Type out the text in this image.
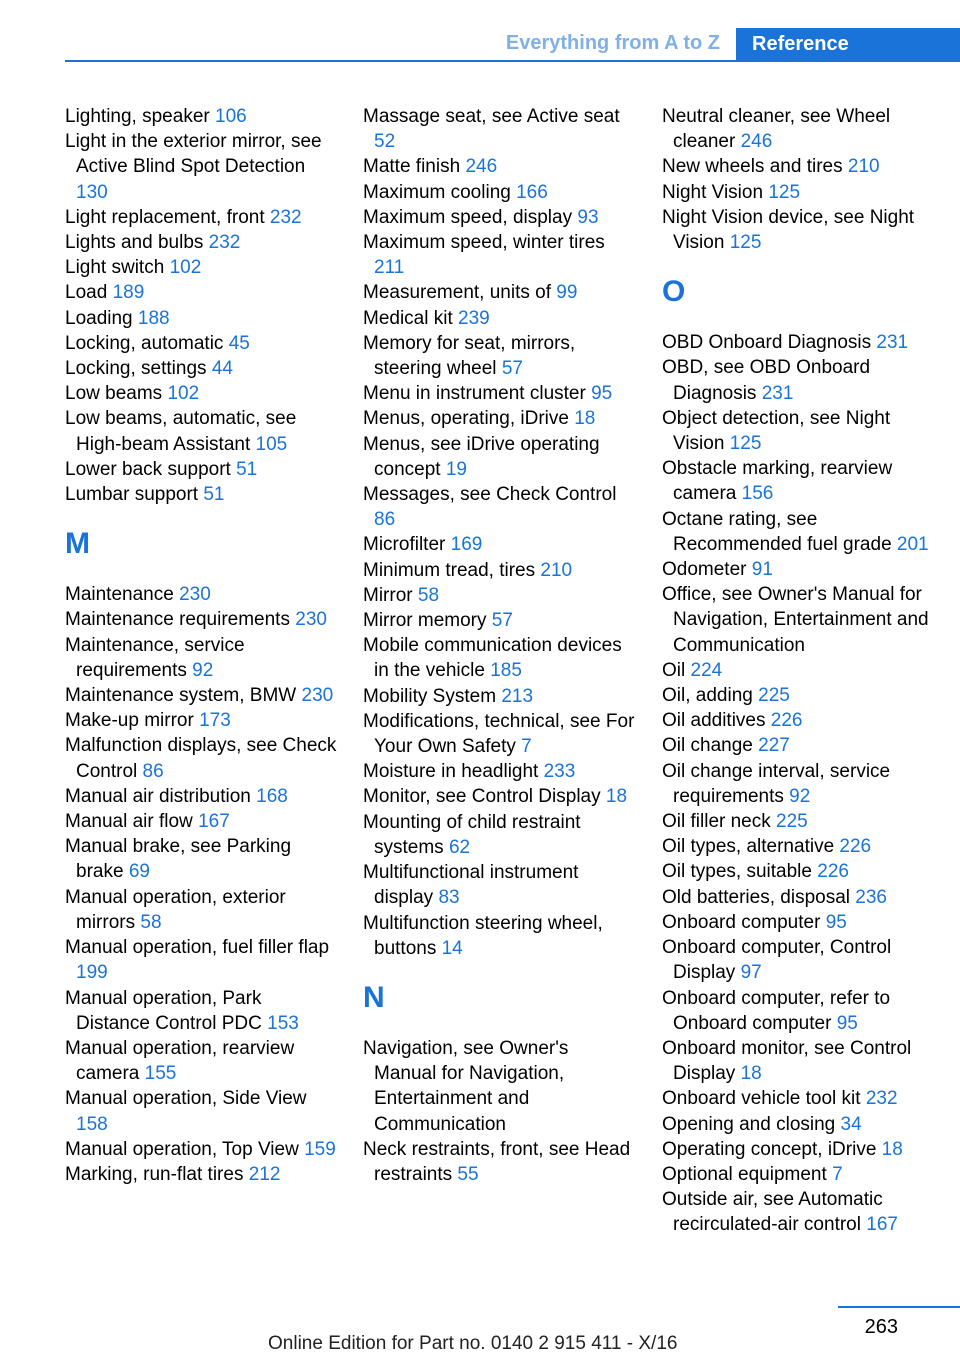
Everything from A to Z	Reference
Lighting, speaker 106
Light in the exterior mirror, see Active Blind Spot Detection 130
Light replacement, front 232
Lights and bulbs 232
Light switch 102
Load 189
Loading 188
Locking, automatic 45
Locking, settings 44
Low beams 102
Low beams, automatic, see High-beam Assistant 105
Lower back support 51
Lumbar support 51
M
Maintenance 230
Maintenance requirements 230
Maintenance, service requirements 92
Maintenance system, BMW 230
Make-up mirror 173
Malfunction displays, see Check Control 86
Manual air distribution 168
Manual air flow 167
Manual brake, see Parking brake 69
Manual operation, exterior mirrors 58
Manual operation, fuel filler flap 199
Manual operation, Park Distance Control PDC 153
Manual operation, rearview camera 155
Manual operation, Side View 158
Manual operation, Top View 159
Marking, run-flat tires 212
Massage seat, see Active seat 52
Matte finish 246
Maximum cooling 166
Maximum speed, display 93
Maximum speed, winter tires 211
Measurement, units of 99
Medical kit 239
Memory for seat, mirrors, steering wheel 57
Menu in instrument cluster 95
Menus, operating, iDrive 18
Menus, see iDrive operating concept 19
Messages, see Check Control 86
Microfilter 169
Minimum tread, tires 210
Mirror 58
Mirror memory 57
Mobile communication devices in the vehicle 185
Mobility System 213
Modifications, technical, see For Your Own Safety 7
Moisture in headlight 233
Monitor, see Control Display 18
Mounting of child restraint systems 62
Multifunctional instrument display 83
Multifunction steering wheel, buttons 14
N
Navigation, see Owner's Manual for Navigation, Entertainment and Communication
Neck restraints, front, see Head restraints 55
Neutral cleaner, see Wheel cleaner 246
New wheels and tires 210
Night Vision 125
Night Vision device, see Night Vision 125
O
OBD Onboard Diagnosis 231
OBD, see OBD Onboard Diagnosis 231
Object detection, see Night Vision 125
Obstacle marking, rearview camera 156
Octane rating, see Recommended fuel grade 201
Odometer 91
Office, see Owner's Manual for Navigation, Entertainment and Communication
Oil 224
Oil, adding 225
Oil additives 226
Oil change 227
Oil change interval, service requirements 92
Oil filler neck 225
Oil types, alternative 226
Oil types, suitable 226
Old batteries, disposal 236
Onboard computer 95
Onboard computer, Control Display 97
Onboard computer, refer to Onboard computer 95
Onboard monitor, see Control Display 18
Onboard vehicle tool kit 232
Opening and closing 34
Operating concept, iDrive 18
Optional equipment 7
Outside air, see Automatic recirculated-air control 167
263
Online Edition for Part no. 0140 2 915 411 - X/16
